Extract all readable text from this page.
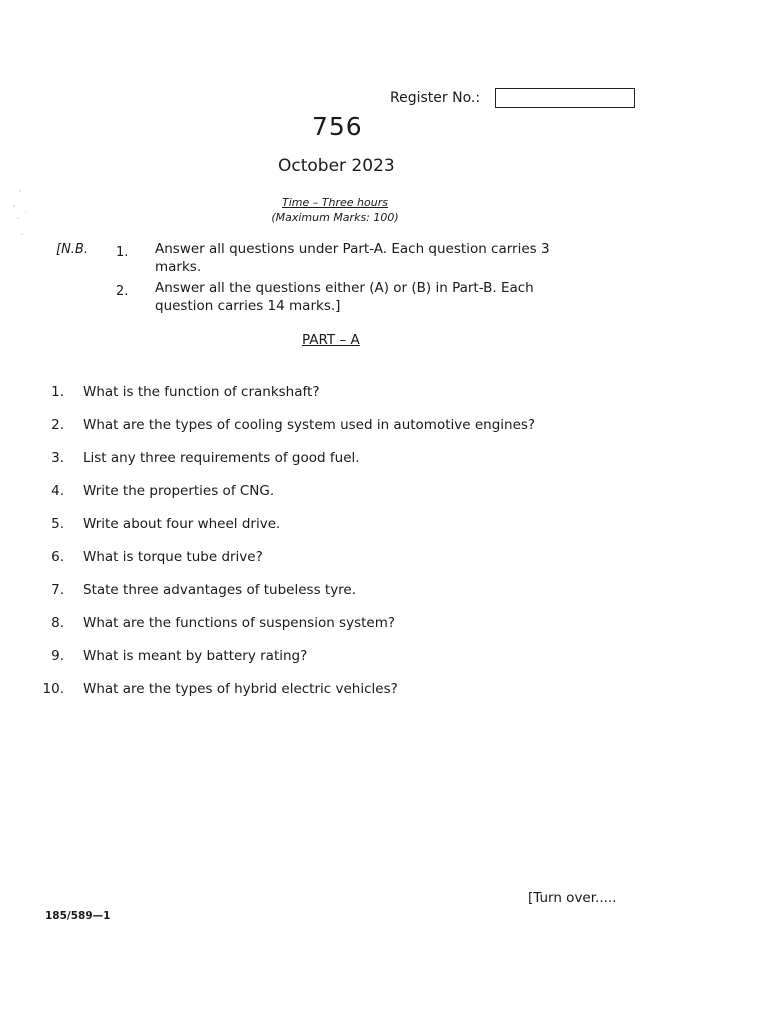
Register No.:
756
October 2023
Time – Three hours
(Maximum Marks: 100)
[N.B. 1. Answer all questions under Part-A. Each question carries 3 marks.
2. Answer all the questions either (A) or (B) in Part-B. Each question carries 14 marks.]
PART – A
1. What is the function of crankshaft?
2. What are the types of cooling system used in automotive engines?
3. List any three requirements of good fuel.
4. Write the properties of CNG.
5. Write about four wheel drive.
6. What is torque tube drive?
7. State three advantages of tubeless tyre.
8. What are the functions of suspension system?
9. What is meant by battery rating?
10. What are the types of hybrid electric vehicles?
[Turn over.....
185/589—1
